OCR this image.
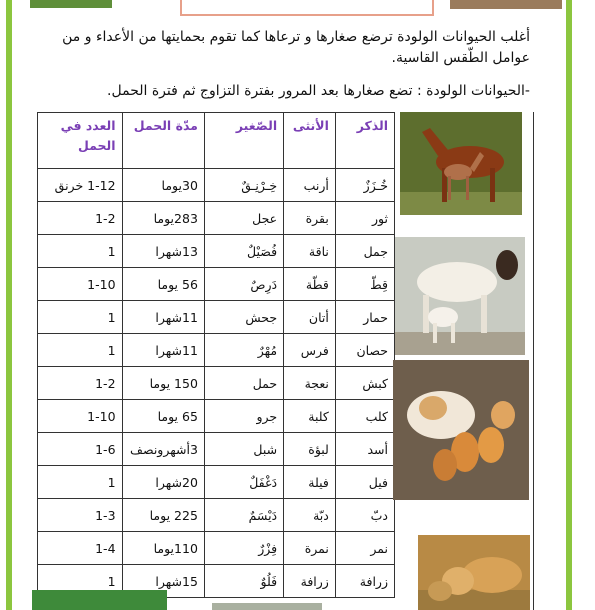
أغلب الحيوانات الولودة ترضع صغارها و ترعاها كما تقوم بحمايتها من الأعداء و من عوامل الطّقس القاسية.
-الحيوانات الولودة : تضع صغارها بعد المرور بفترة التزاوج ثم فترة الحمل.
الذكر	الأنثى	الصّغير	مدّة الحمل	العدد في الحمل
خُـزَزٌ	أرنب	خِـرْنِـقٌ	30يوما	1-12 خرنق
ثور	بقرة	عجل	283يوما	1-2
جمل	ناقة	فُصَيْلٌ	13شهرا	1
قِطّ	قطّة	دَرِصٌ	56 يوما	1-10
حمار	أتان	جحش	11شهرا	1
حصان	فرس	مُهْرٌ	11شهرا	1
كبش	نعجة	حمل	150 يوما	1-2
كلب	كلبة	جرو	65 يوما	1-10
أسد	لبؤة	شبل	3أشهرونصف	1-6
فيل	فيلة	دَغْفَلٌ	20شهرا	1
دبّ	دبّة	دَيْسَمٌ	225 يوما	1-3
نمر	نمرة	فِزْرٌ	110يوما	1-4
زرافة	زرافة	فَلُوٌ	15شهرا	1
